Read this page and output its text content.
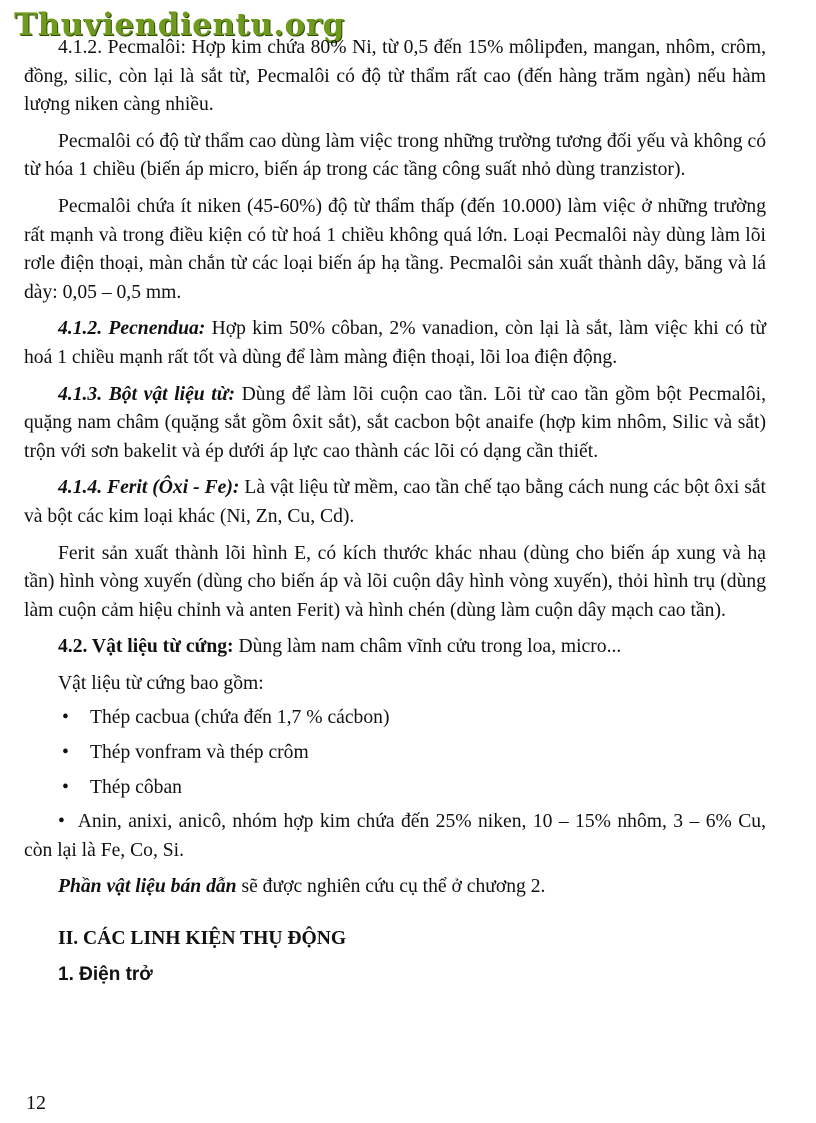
Thuviendientu.org

4.1.2. Pecmalôi: Hợp kim chứa 80% Ni, từ 0,5 đến 15% môlipđen, mangan, nhôm, crôm, đồng, silic, còn lại là sắt từ, Pecmalôi có độ từ thẩm rất cao (đến hàng trăm ngàn) nếu hàm lượng niken càng nhiều.

Pecmalôi có độ từ thẩm cao dùng làm việc trong những trường tương đối yếu và không có từ hóa 1 chiều (biến áp micro, biến áp trong các tầng công suất nhỏ dùng tranzistor).

Pecmalôi chứa ít niken (45-60%) độ từ thẩm thấp (đến 10.000) làm việc ở những trường rất mạnh và trong điều kiện có từ hoá 1 chiều không quá lớn. Loại Pecmalôi này dùng làm lõi rơle điện thoại, màn chắn từ các loại biến áp hạ tầng. Pecmalôi sản xuất thành dây, băng và lá dày: 0,05 – 0,5 mm.

4.1.2. Pecnendua: Hợp kim 50% côban, 2% vanadion, còn lại là sắt, làm việc khi có từ hoá 1 chiều mạnh rất tốt và dùng để làm màng điện thoại, lõi loa điện động.

4.1.3. Bột vật liệu từ: Dùng để làm lõi cuộn cao tần. Lõi từ cao tần gồm bột Pecmalôi, quặng nam châm (quặng sắt gồm ôxit sắt), sắt cacbon bột anaife (hợp kim nhôm, Silic và sắt) trộn với sơn bakelit và ép dưới áp lực cao thành các lõi có dạng cần thiết.

4.1.4. Ferit (Ôxi - Fe): Là vật liệu từ mềm, cao tần chế tạo bằng cách nung các bột ôxi sắt và bột các kim loại khác (Ni, Zn, Cu, Cd).

Ferit sản xuất thành lõi hình E, có kích thước khác nhau (dùng cho biến áp xung và hạ tần) hình vòng xuyến (dùng cho biến áp và lõi cuộn dây hình vòng xuyến), thỏi hình trụ (dùng làm cuộn cảm hiệu chỉnh và anten Ferit) và hình chén (dùng làm cuộn dây mạch cao tần).

4.2. Vật liệu từ cứng: Dùng làm nam châm vĩnh cửu trong loa, micro...

Vật liệu từ cứng bao gồm:

• Thép cacbua (chứa đến 1,7 % cácbon)

• Thép vonfram và thép crôm

• Thép côban

• Anin, anixi, anicô, nhóm hợp kim chứa đến 25% niken, 10 – 15% nhôm, 3 – 6% Cu, còn lại là Fe, Co, Si.

Phần vật liệu bán dẫn sẽ được nghiên cứu cụ thể ở chương 2.

II. CÁC LINH KIỆN THỤ ĐỘNG
1. Điện trở
12
